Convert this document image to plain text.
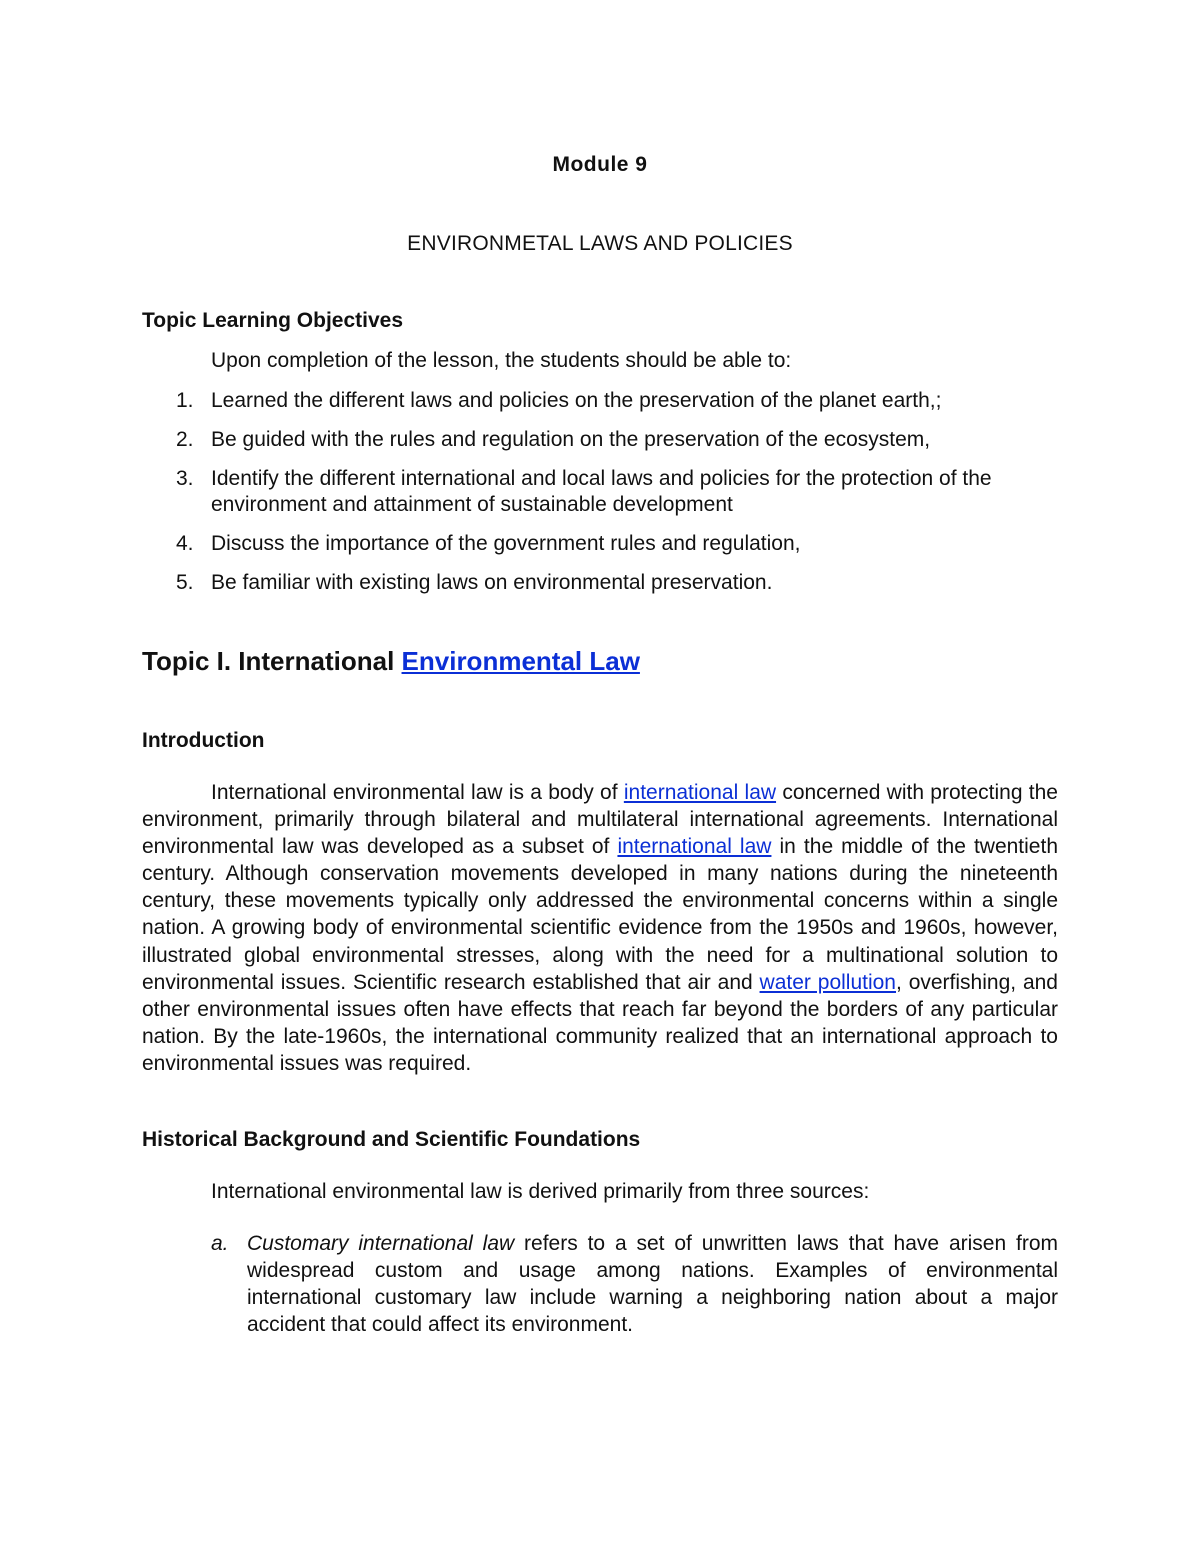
Module 9
ENVIRONMETAL LAWS AND POLICIES
Topic Learning Objectives
Upon completion of the lesson, the students should be able to:
1. Learned the different laws and policies on the preservation of the planet earth,;
2. Be guided with the rules and regulation on the preservation of the ecosystem,
3. Identify the different international and local laws and policies for the protection of the environment and attainment of sustainable development
4. Discuss the importance of the government rules and regulation,
5. Be familiar with existing laws on environmental preservation.
Topic I. International Environmental Law
Introduction
International environmental law is a body of international law concerned with protecting the environment, primarily through bilateral and multilateral international agreements. International environmental law was developed as a subset of international law in the middle of the twentieth century. Although conservation movements developed in many nations during the nineteenth century, these movements typically only addressed the environmental concerns within a single nation. A growing body of environmental scientific evidence from the 1950s and 1960s, however, illustrated global environmental stresses, along with the need for a multinational solution to environmental issues. Scientific research established that air and water pollution, overfishing, and other environmental issues often have effects that reach far beyond the borders of any particular nation. By the late-1960s, the international community realized that an international approach to environmental issues was required.
Historical Background and Scientific Foundations
International environmental law is derived primarily from three sources:
a. Customary international law refers to a set of unwritten laws that have arisen from widespread custom and usage among nations. Examples of environmental international customary law include warning a neighboring nation about a major accident that could affect its environment.
